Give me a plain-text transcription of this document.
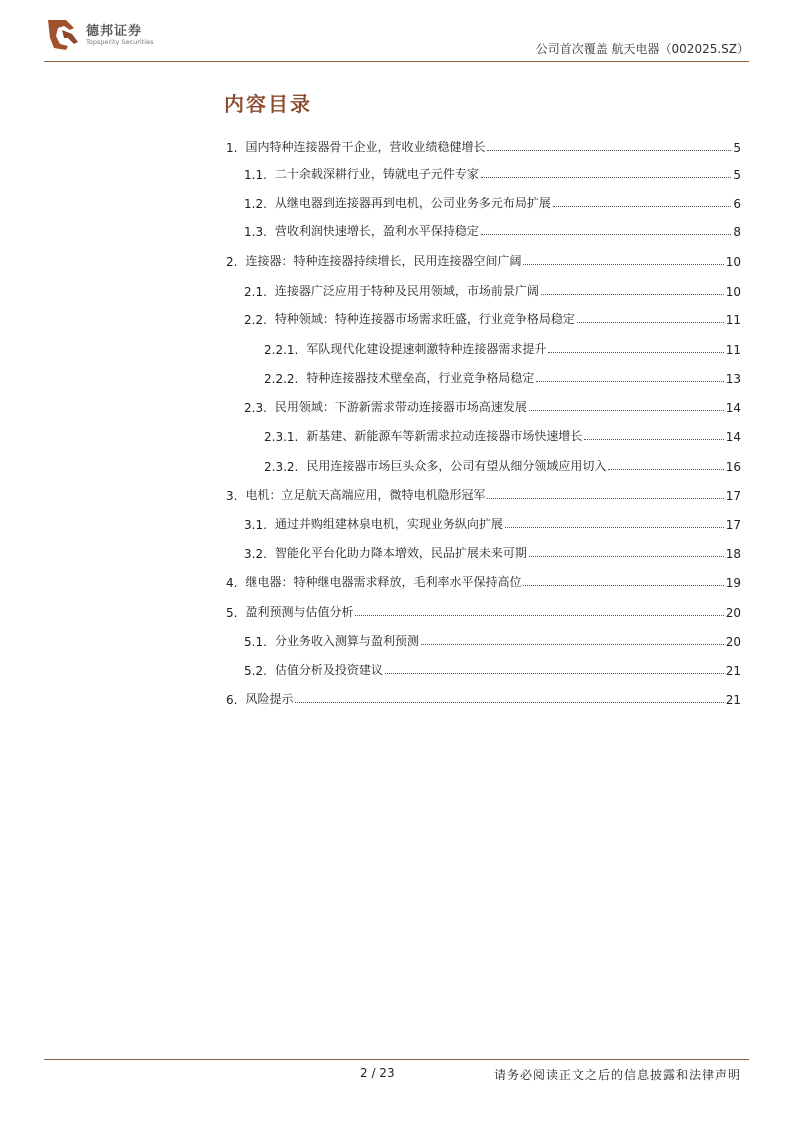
德邦证券
Topsperity Securities	公司首次覆盖 航天电器（002025.SZ）
内容目录
1. 国内特种连接器骨干企业，营收业绩稳健增长	5
1.1. 二十余载深耕行业，铸就电子元件专家	5
1.2. 从继电器到连接器再到电机，公司业务多元布局扩展	6
1.3. 营收利润快速增长，盈利水平保持稳定	8
2. 连接器：特种连接器持续增长，民用连接器空间广阔	10
2.1. 连接器广泛应用于特种及民用领域，市场前景广阔	10
2.2. 特种领域：特种连接器市场需求旺盛，行业竞争格局稳定	11
2.2.1. 军队现代化建设提速刺激特种连接器需求提升	11
2.2.2. 特种连接器技术壁垒高，行业竞争格局稳定	13
2.3. 民用领域：下游新需求带动连接器市场高速发展	14
2.3.1. 新基建、新能源车等新需求拉动连接器市场快速增长	14
2.3.2. 民用连接器市场巨头众多，公司有望从细分领域应用切入	16
3. 电机：立足航天高端应用，微特电机隐形冠军	17
3.1. 通过并购组建林泉电机，实现业务纵向扩展	17
3.2. 智能化平台化助力降本增效，民品扩展未来可期	18
4. 继电器：特种继电器需求释放，毛利率水平保持高位	19
5. 盈利预测与估值分析	20
5.1. 分业务收入测算与盈利预测	20
5.2. 估值分析及投资建议	21
6. 风险提示	21
2 / 23	请务必阅读正文之后的信息披露和法律声明
